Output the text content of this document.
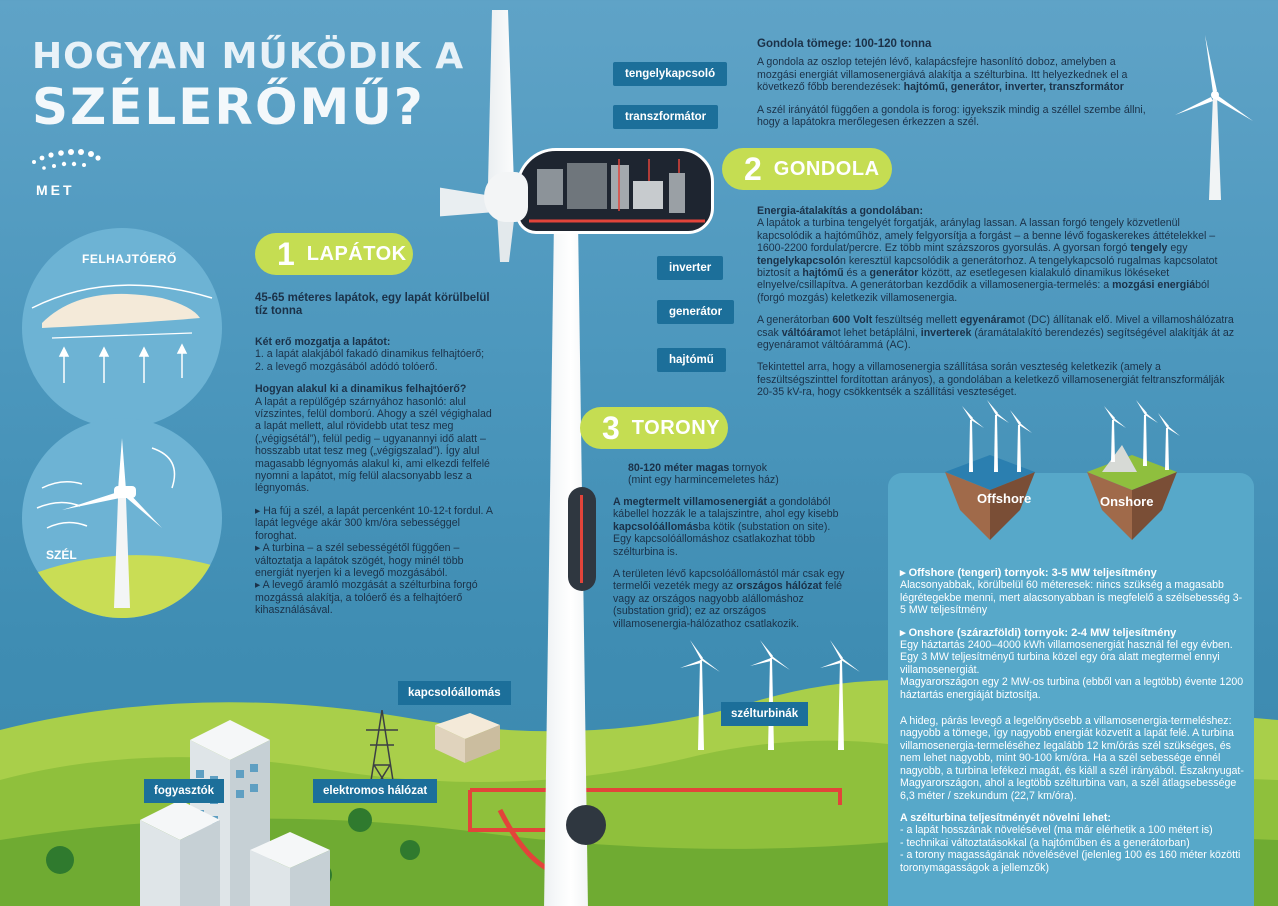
HOGYAN MŰKÖDIK A
SZÉLERŐMŰ?
MET
FELHAJTÓERŐ
SZÉL
1 LAPÁTOK
45-65 méteres lapátok, egy lapát körülbelül tíz tonna
Két erő mozgatja a lapátot:
1. a lapát alakjából fakadó dinamikus felhajtóerő;
2. a levegő mozgásából adódó tolóerő.
Hogyan alakul ki a dinamikus felhajtóerő?
A lapát a repülőgép szárnyához hasonló: alul vízszintes, felül domború. Ahogy a szél végighalad a lapát mellett, alul rövidebb utat tesz meg („végigsétál”), felül pedig – ugyanannyi idő alatt – hosszabb utat tesz meg („végigszalad”). Így alul magasabb légnyomás alakul ki, ami elkezdi felfelé nyomni a lapátot, míg felül alacsonyabb lesz a légnyomás.
▸ Ha fúj a szél, a lapát percenként 10-12-t fordul. A lapát legvége akár 300 km/óra sebességgel foroghat.
▸ A turbina – a szél sebességétől függően – változtatja a lapátok szögét, hogy minél több energiát nyerjen ki a levegő mozgásából.
▸ A levegő áramló mozgását a szélturbina forgó mozgássá alakítja, a tolóerő és a felhajtóerő kihasználásával.
tengelykapcsoló
transzformátor
inverter
generátor
hajtómű
Gondola tömege: 100-120 tonna
A gondola az oszlop tetején lévő, kalapácsfejre hasonlító doboz, amelyben a mozgási energiát villamosenergiává alakítja a szélturbina. Itt helyezkednek el a következő főbb berendezések: hajtómű, generátor, inverter, transzformátor
A szél irányától függően a gondola is forog: igyekszik mindig a széllel szembe állni, hogy a lapátokra merőlegesen érkezzen a szél.
2 GONDOLA
Energia-átalakítás a gondolában:
A lapátok a turbina tengelyét forgatják, aránylag lassan. A lassan forgó tengely közvetlenül kapcsolódik a hajtóműhöz, amely felgyorsítja a forgást – a benne lévő fogaskerekes áttételekkel – 1600-2200 fordulat/percre. Ez több mint százszoros gyorsulás. A gyorsan forgó tengely egy tengelykapcsolón keresztül kapcsolódik a generátorhoz. A tengelykapcsoló rugalmas kapcsolatot biztosít a hajtómű és a generátor között, az esetlegesen kialakuló dinamikus lökéseket elnyelve/csillapítva. A generátorban kezdődik a villamosenergia-termelés: a mozgási energiából (forgó mozgás) keletkezik villamosenergia.
A generátorban 600 Volt feszültség mellett egyenáramot (DC) állítanak elő. Mivel a villamoshálózatra csak váltóáramot lehet betáplálni, inverterek (áramátalakító berendezés) segítségével alakítják át az egyenáramot váltóárammá (AC).
Tekintettel arra, hogy a villamosenergia szállítása során veszteség keletkezik (amely a feszültségszinttel fordítottan arányos), a gondolában a keletkező villamosenergiát feltranszformálják 20-35 kV-ra, hogy csökkentsék a szállítási veszteséget.
3 TORONY
80-120 méter magas tornyok
(mint egy harmincemeletes ház)
A megtermelt villamosenergiát a gondolából kábellel hozzák le a talajszintre, ahol egy kisebb kapcsolóállomásba kötik (substation on site). Egy kapcsolóállomáshoz csatlakozhat több szélturbina is.
A területen lévő kapcsolóállomástól már csak egy termelői vezeték megy az országos hálózat felé vagy az országos nagyobb alállomáshoz (substation grid); ez az országos villamosenergia-hálózathoz csatlakozik.
kapcsolóállomás
szélturbinák
fogyasztók	elektromos hálózat
Offshore	Onshore
▸ Offshore (tengeri) tornyok: 3-5 MW teljesítmény
Alacsonyabbak, körülbelül 60 méteresek: nincs szükség a magasabb légrétegekbe menni, mert alacsonyabban is megfelelő a szélsebesség 3-5 MW teljesítmény
▸ Onshore (szárazföldi) tornyok: 2-4 MW teljesítmény
Egy háztartás 2400–4000 kWh villamosenergiát használ fel egy évben. Egy 3 MW teljesítményű turbina közel egy óra alatt megtermel ennyi villamosenergiát.
Magyarországon egy 2 MW-os turbina (ebből van a legtöbb) évente 1200 háztartás energiáját biztosítja.
A hideg, párás levegő a legelőnyösebb a villamosenergia-termeléshez: nagyobb a tömege, így nagyobb energiát közvetít a lapát felé. A turbina villamosenergia-termeléséhez legalább 12 km/órás szél szükséges, és nem lehet nagyobb, mint 90-100 km/óra. Ha a szél sebessége ennél nagyobb, a turbina lefékezi magát, és kiáll a szél irányából. Északnyugat-Magyarországon, ahol a legtöbb szélturbina van, a szél átlagsebessége 6,3 méter / szekundum (22,7 km/óra).
A szélturbina teljesítményét növelni lehet:
- a lapát hosszának növelésével (ma már elérhetik a 100 métert is)
- technikai változtatásokkal (a hajtóműben és a generátorban)
- a torony magasságának növelésével (jelenleg 100 és 160 méter közötti toronymagasságok a jellemzők)
